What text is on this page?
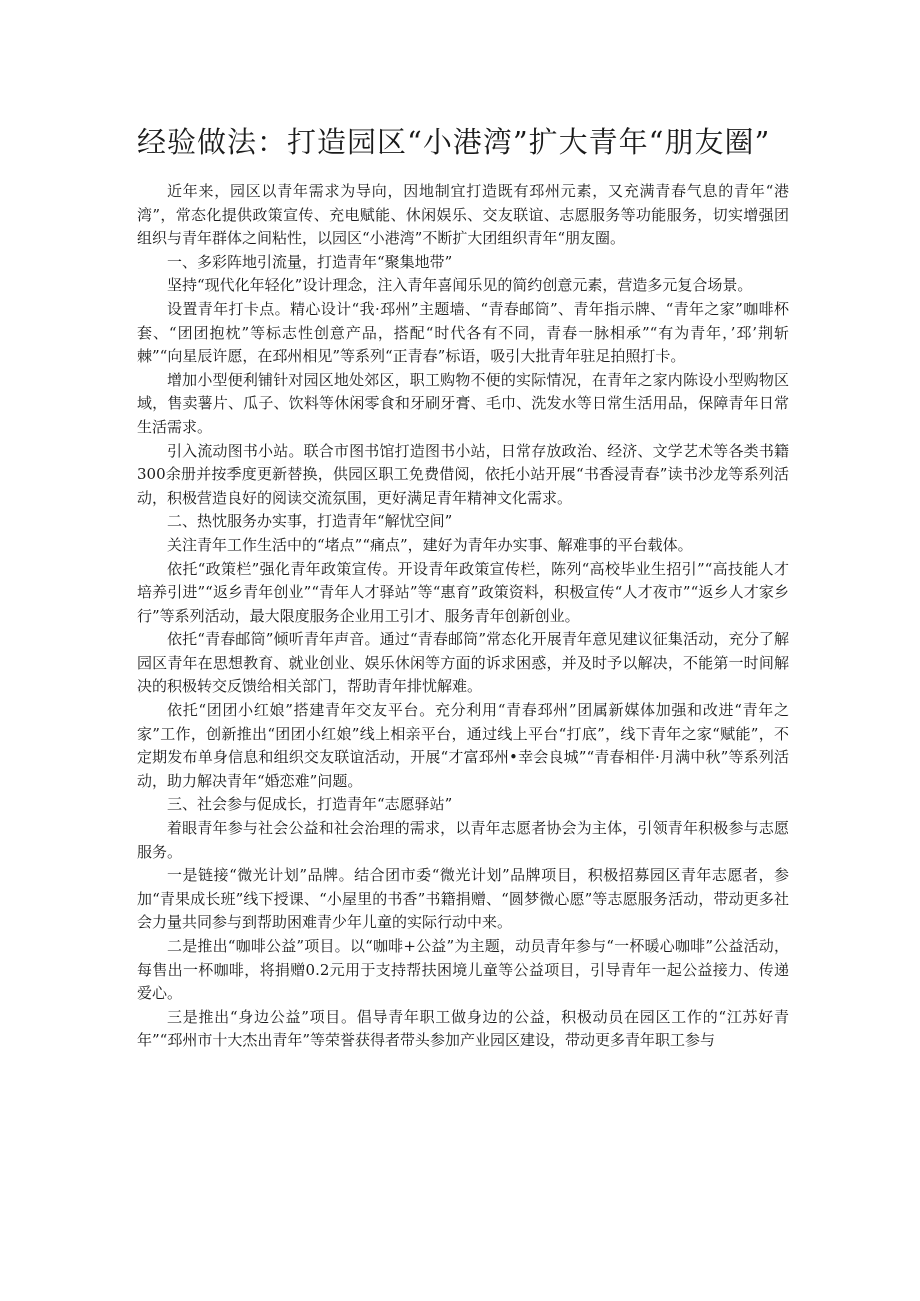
经验做法：打造园区“小港湾”扩大青年“朋友圈”

近年来，园区以青年需求为导向，因地制宜打造既有邳州元素，又充满青春气息的青年“港湾”，常态化提供政策宣传、充电赋能、休闲娱乐、交友联谊、志愿服务等功能服务，切实增强团组织与青年群体之间粘性，以园区“小港湾”不断扩大团组织青年“朋友圈。

一、多彩阵地引流量，打造青年“聚集地带”

坚持“现代化年轻化”设计理念，注入青年喜闻乐见的简约创意元素，营造多元复合场景。

设置青年打卡点。精心设计“我·邳州”主题墙、“青春邮筒”、青年指示牌、“青年之家”咖啡杯套、“团团抱枕”等标志性创意产品，搭配“时代各有不同，青春一脉相承”“有为青年，’邳’荆斩棘”“向星辰许愿，在邳州相见”等系列“正青春”标语，吸引大批青年驻足拍照打卡。

增加小型便利铺针对园区地处郊区，职工购物不便的实际情况，在青年之家内陈设小型购物区域，售卖薯片、瓜子、饮料等休闲零食和牙刷牙膏、毛巾、洗发水等日常生活用品，保障青年日常生活需求。

引入流动图书小站。联合市图书馆打造图书小站，日常存放政治、经济、文学艺术等各类书籍300余册并按季度更新替换，供园区职工免费借阅，依托小站开展“书香浸青春”读书沙龙等系列活动，积极营造良好的阅读交流氛围，更好满足青年精神文化需求。

二、热忱服务办实事，打造青年“解忧空间”

关注青年工作生活中的“堵点”“痛点”，建好为青年办实事、解难事的平台载体。

依托“政策栏”强化青年政策宣传。开设青年政策宣传栏，陈列“高校毕业生招引”“高技能人才培养引进”“返乡青年创业”“青年人才驿站”等“惠育”政策资料，积极宣传“人才夜市”“返乡人才家乡行”等系列活动，最大限度服务企业用工引才、服务青年创新创业。

依托“青春邮筒”倾听青年声音。通过“青春邮筒”常态化开展青年意见建议征集活动，充分了解园区青年在思想教育、就业创业、娱乐休闲等方面的诉求困惑，并及时予以解决，不能第一时间解决的积极转交反馈给相关部门，帮助青年排忧解难。

依托“团团小红娘”搭建青年交友平台。充分利用“青春邳州”团属新媒体加强和改进“青年之家”工作，创新推出“团团小红娘”线上相亲平台，通过线上平台“打底”，线下青年之家“赋能”，不定期发布单身信息和组织交友联谊活动，开展“才富邳州•幸会良城”“青春相伴·月满中秋”等系列活动，助力解决青年“婚恋难”问题。

三、社会参与促成长，打造青年“志愿驿站”

着眼青年参与社会公益和社会治理的需求，以青年志愿者协会为主体，引领青年积极参与志愿服务。

一是链接“微光计划”品牌。结合团市委“微光计划”品牌项目，积极招募园区青年志愿者，参加“青果成长班”线下授课、“小屋里的书香”书籍捐赠、“圆梦微心愿”等志愿服务活动，带动更多社会力量共同参与到帮助困难青少年儿童的实际行动中来。

二是推出“咖啡公益”项目。以“咖啡+公益”为主题，动员青年参与“一杯暖心咖啡”公益活动，每售出一杯咖啡，将捐赠0.2元用于支持帮扶困境儿童等公益项目，引导青年一起公益接力、传递爱心。

三是推出“身边公益”项目。倡导青年职工做身边的公益，积极动员在园区工作的“江苏好青年”“邳州市十大杰出青年”等荣誉获得者带头参加产业园区建设，带动更多青年职工参与
